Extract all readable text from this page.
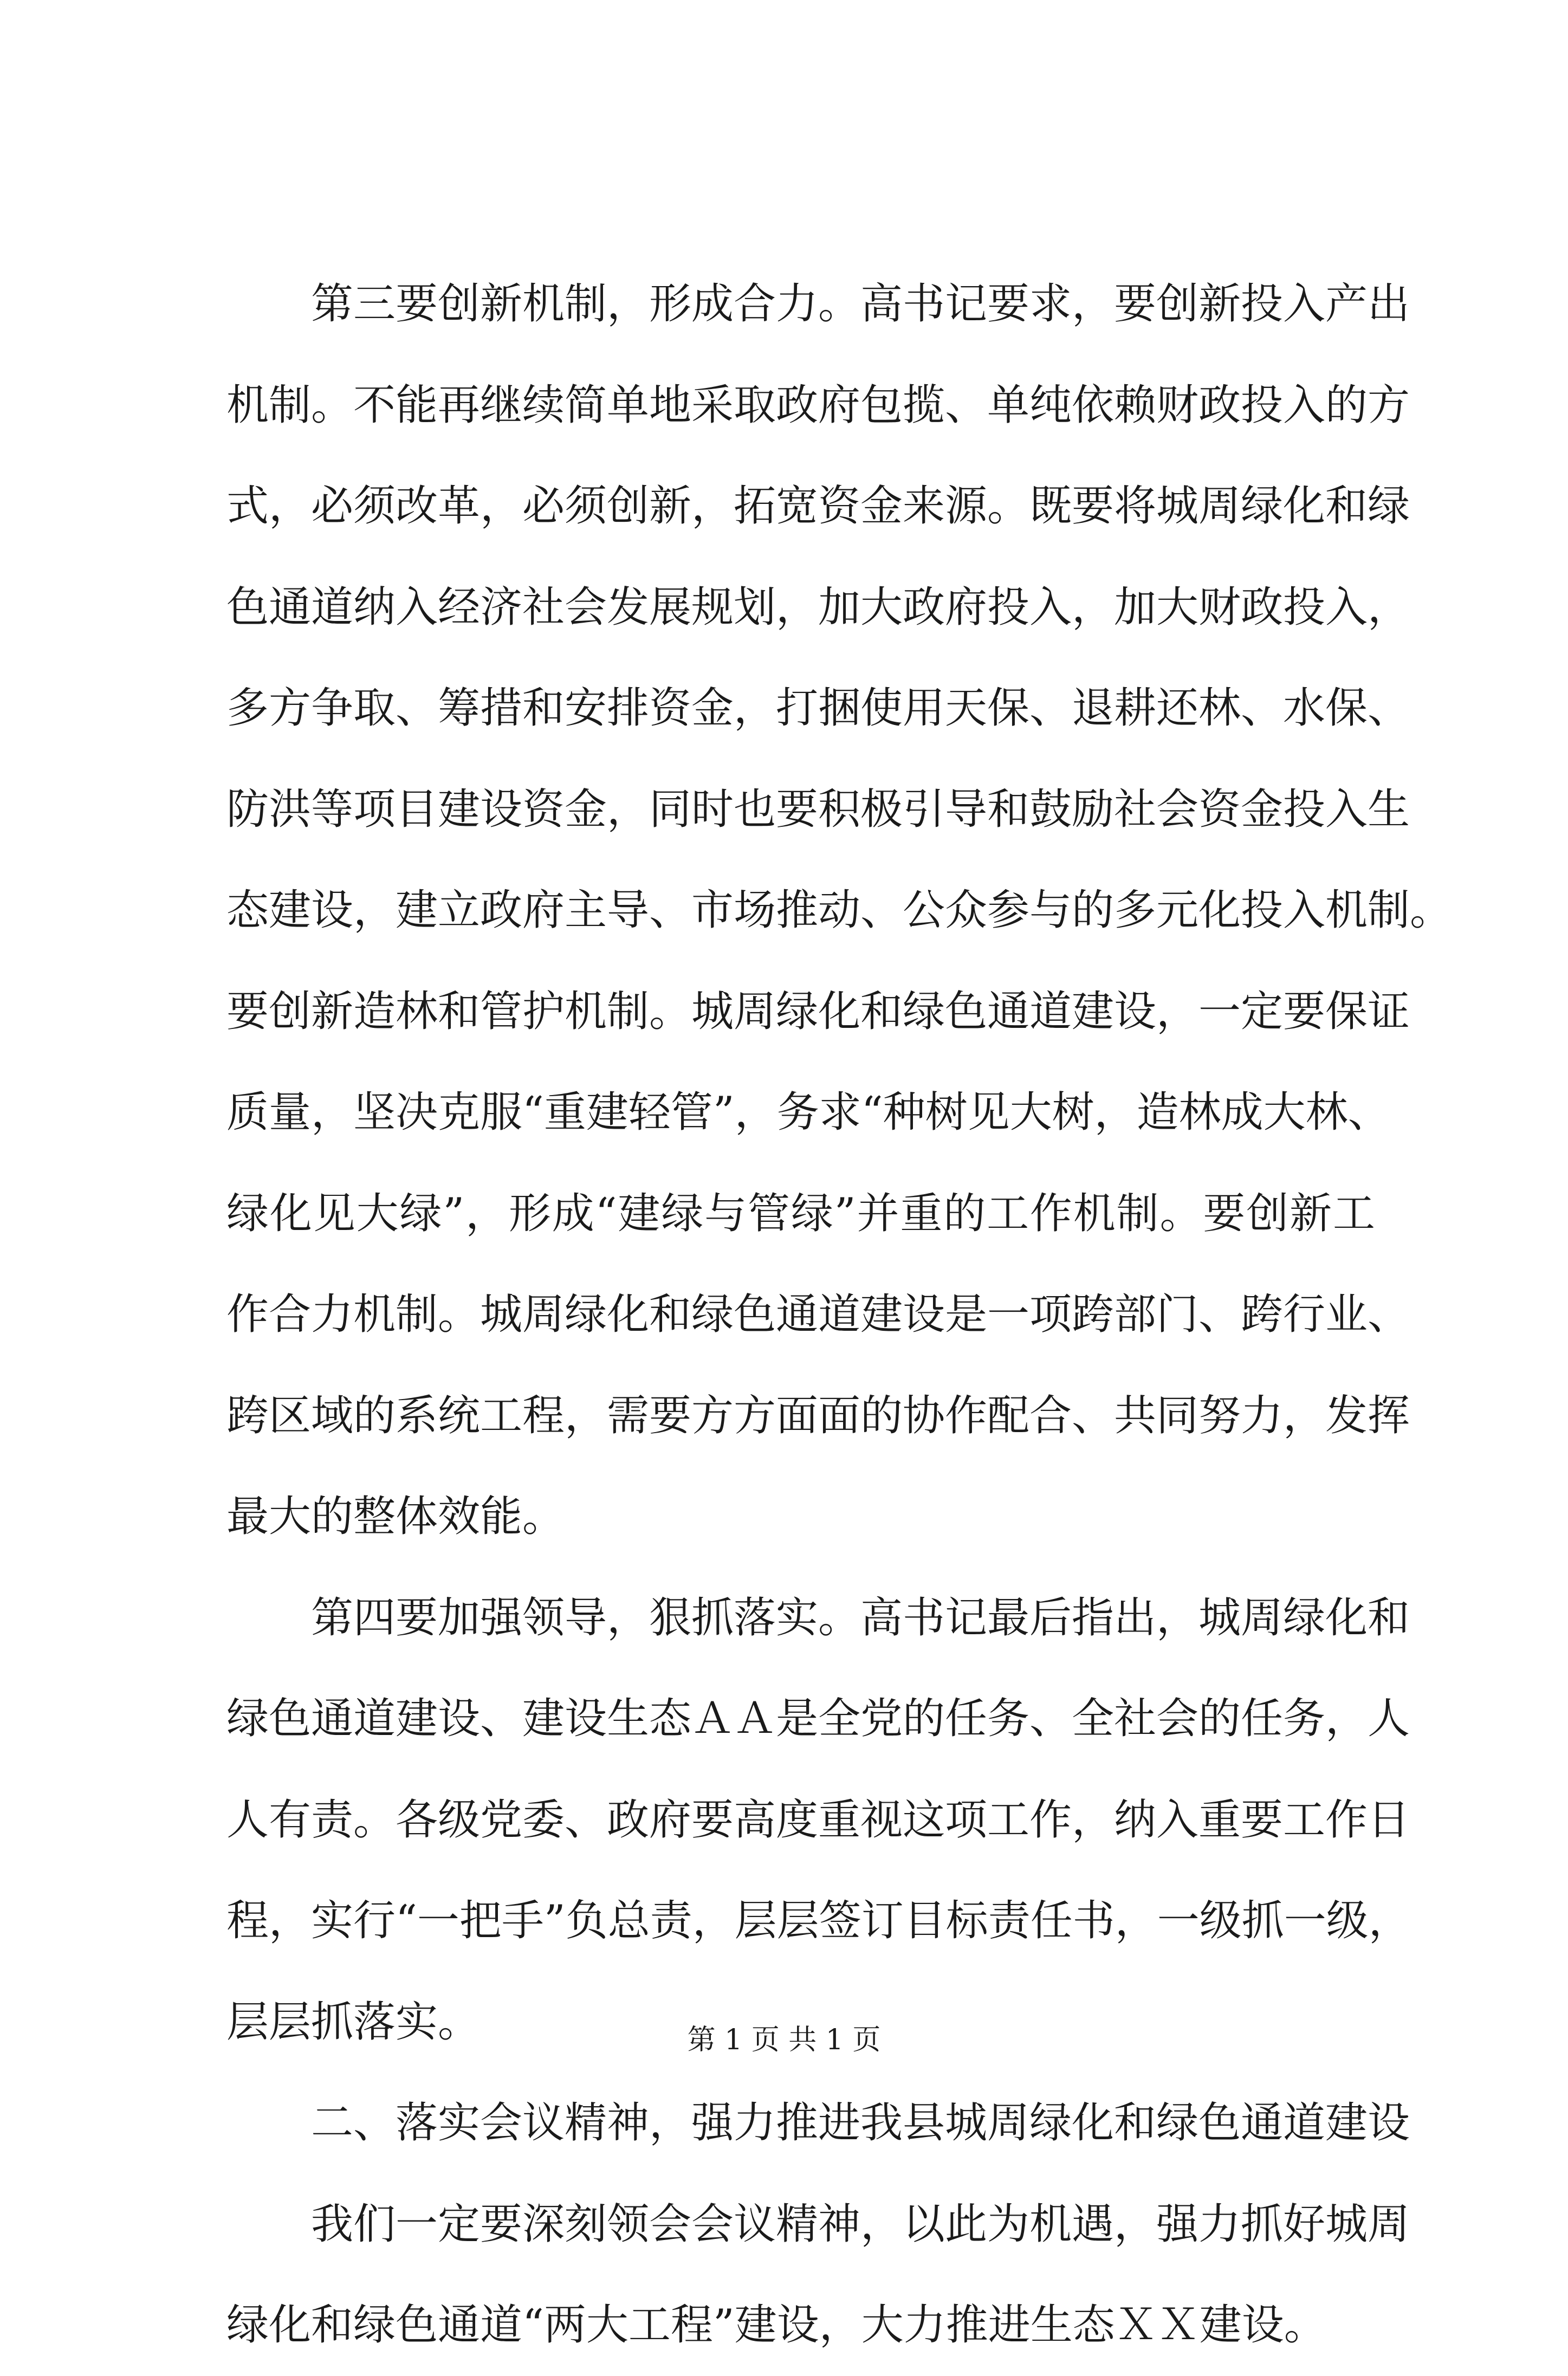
第三要创新机制，形成合力。高书记要求，要创新投入产出
机制。不能再继续简单地采取政府包揽、单纯依赖财政投入的方
式，必须改革，必须创新，拓宽资金来源。既要将城周绿化和绿
色通道纳入经济社会发展规划，加大政府投入，加大财政投入，
多方争取、筹措和安排资金，打捆使用天保、退耕还林、水保、
防洪等项目建设资金，同时也要积极引导和鼓励社会资金投入生
态建设，建立政府主导、市场推动、公众参与的多元化投入机制。
要创新造林和管护机制。城周绿化和绿色通道建设，一定要保证
质量，坚决克服“重建轻管”，务求“种树见大树，造林成大林、
绿化见大绿”，形成“建绿与管绿”并重的工作机制。要创新工
作合力机制。城周绿化和绿色通道建设是一项跨部门、跨行业、
跨区域的系统工程，需要方方面面的协作配合、共同努力，发挥
最大的整体效能。
第四要加强领导，狠抓落实。高书记最后指出，城周绿化和
绿色通道建设、建设生态ＡＡ是全党的任务、全社会的任务，人
人有责。各级党委、政府要高度重视这项工作，纳入重要工作日
程，实行“一把手”负总责，层层签订目标责任书，一级抓一级，
层层抓落实。
二、落实会议精神，强力推进我县城周绿化和绿色通道建设
我们一定要深刻领会会议精神，以此为机遇，强力抓好城周
绿化和绿色通道“两大工程”建设，大力推进生态ＸＸ建设。
第 1 页 共 1 页
